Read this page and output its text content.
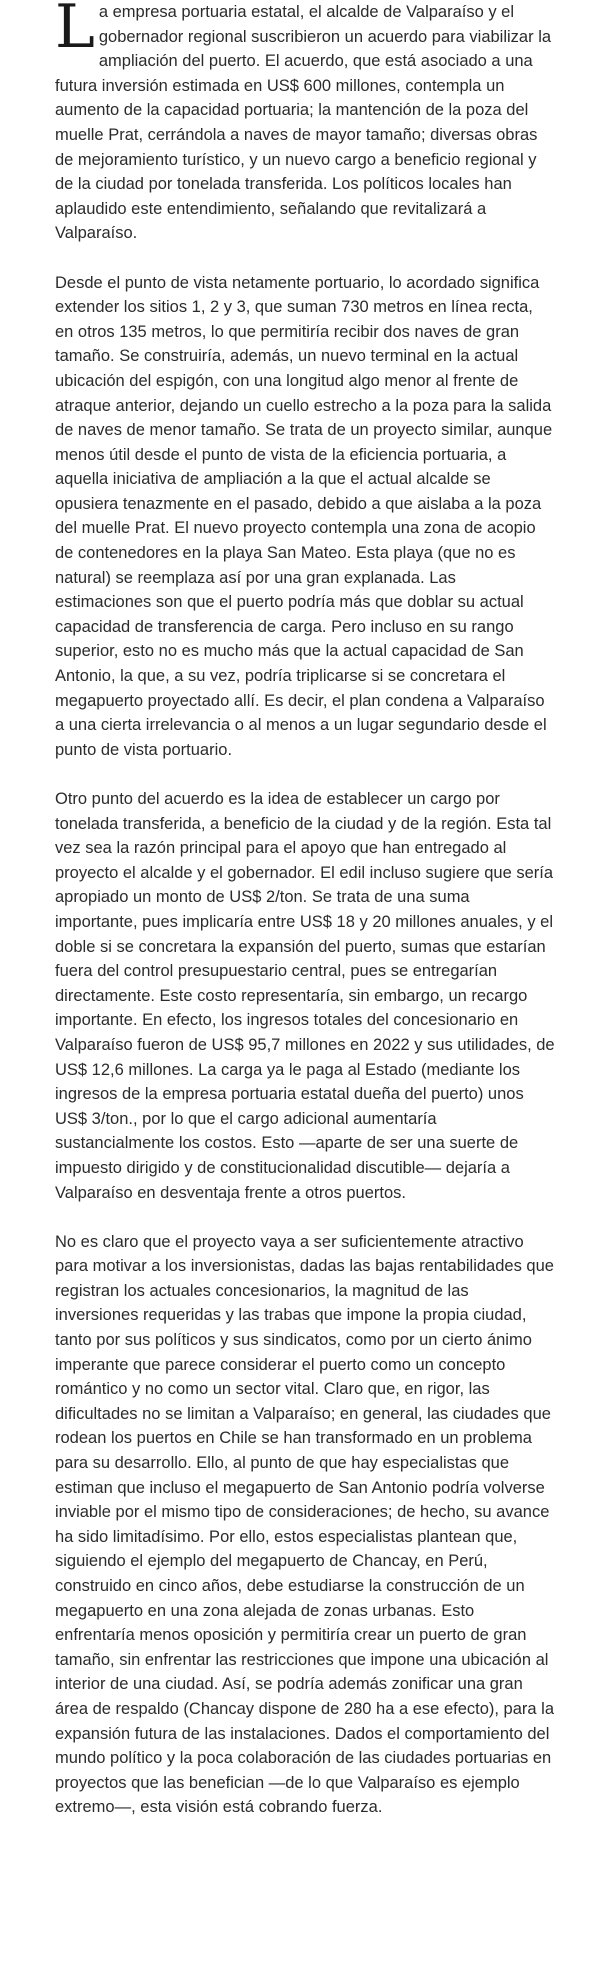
La empresa portuaria estatal, el alcalde de Valparaíso y el gobernador regional suscribieron un acuerdo para viabilizar la ampliación del puerto. El acuerdo, que está asociado a una futura inversión estimada en US$ 600 millones, contempla un aumento de la capacidad portuaria; la mantención de la poza del muelle Prat, cerrándola a naves de mayor tamaño; diversas obras de mejoramiento turístico, y un nuevo cargo a beneficio regional y de la ciudad por tonelada transferida. Los políticos locales han aplaudido este entendimiento, señalando que revitalizará a Valparaíso.

Desde el punto de vista netamente portuario, lo acordado significa extender los sitios 1, 2 y 3, que suman 730 metros en línea recta, en otros 135 metros, lo que permitiría recibir dos naves de gran tamaño. Se construiría, además, un nuevo terminal en la actual ubicación del espigón, con una longitud algo menor al frente de atraque anterior, dejando un cuello estrecho a la poza para la salida de naves de menor tamaño. Se trata de un proyecto similar, aunque menos útil desde el punto de vista de la eficiencia portuaria, a aquella iniciativa de ampliación a la que el actual alcalde se opusiera tenazmente en el pasado, debido a que aislaba a la poza del muelle Prat. El nuevo proyecto contempla una zona de acopio de contenedores en la playa San Mateo. Esta playa (que no es natural) se reemplaza así por una gran explanada. Las estimaciones son que el puerto podría más que doblar su actual capacidad de transferencia de carga. Pero incluso en su rango superior, esto no es mucho más que la actual capacidad de San Antonio, la que, a su vez, podría triplicarse si se concretara el megapuerto proyectado allí. Es decir, el plan condena a Valparaíso a una cierta irrelevancia o al menos a un lugar segundario desde el punto de vista portuario.

Otro punto del acuerdo es la idea de establecer un cargo por tonelada transferida, a beneficio de la ciudad y de la región. Esta tal vez sea la razón principal para el apoyo que han entregado al proyecto el alcalde y el gobernador. El edil incluso sugiere que sería apropiado un monto de US$ 2/ton. Se trata de una suma importante, pues implicaría entre US$ 18 y 20 millones anuales, y el doble si se concretara la expansión del puerto, sumas que estarían fuera del control presupuestario central, pues se entregarían directamente. Este costo representaría, sin embargo, un recargo importante. En efecto, los ingresos totales del concesionario en Valparaíso fueron de US$ 95,7 millones en 2022 y sus utilidades, de US$ 12,6 millones. La carga ya le paga al Estado (mediante los ingresos de la empresa portuaria estatal dueña del puerto) unos US$ 3/ton., por lo que el cargo adicional aumentaría sustancialmente los costos. Esto —aparte de ser una suerte de impuesto dirigido y de constitucionalidad discutible— dejaría a Valparaíso en desventaja frente a otros puertos.

No es claro que el proyecto vaya a ser suficientemente atractivo para motivar a los inversionistas, dadas las bajas rentabilidades que registran los actuales concesionarios, la magnitud de las inversiones requeridas y las trabas que impone la propia ciudad, tanto por sus políticos y sus sindicatos, como por un cierto ánimo imperante que parece considerar el puerto como un concepto romántico y no como un sector vital. Claro que, en rigor, las dificultades no se limitan a Valparaíso; en general, las ciudades que rodean los puertos en Chile se han transformado en un problema para su desarrollo. Ello, al punto de que hay especialistas que estiman que incluso el megapuerto de San Antonio podría volverse inviable por el mismo tipo de consideraciones; de hecho, su avance ha sido limitadísimo. Por ello, estos especialistas plantean que, siguiendo el ejemplo del megapuerto de Chancay, en Perú, construido en cinco años, debe estudiarse la construcción de un megapuerto en una zona alejada de zonas urbanas. Esto enfrentaría menos oposición y permitiría crear un puerto de gran tamaño, sin enfrentar las restricciones que impone una ubicación al interior de una ciudad. Así, se podría además zonificar una gran área de respaldo (Chancay dispone de 280 ha a ese efecto), para la expansión futura de las instalaciones. Dados el comportamiento del mundo político y la poca colaboración de las ciudades portuarias en proyectos que las benefician —de lo que Valparaíso es ejemplo extremo—, esta visión está cobrando fuerza.
